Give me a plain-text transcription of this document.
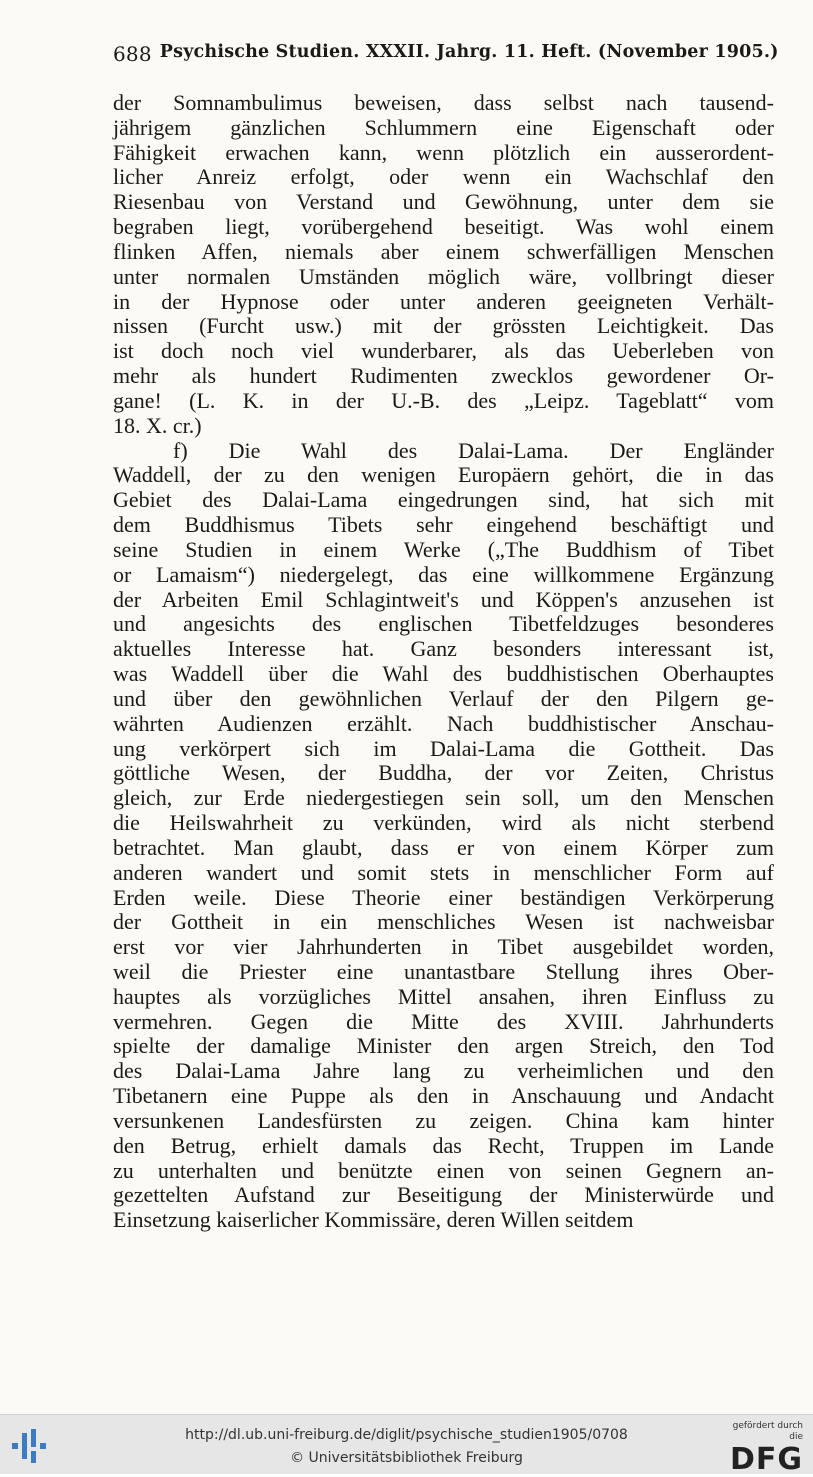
688 Psychische Studien. XXXII. Jahrg. 11. Heft. (November 1905.)
der Somnambulimus beweisen, dass selbst nach tausend-
jährigem gänzlichen Schlummern eine Eigenschaft oder
Fähigkeit erwachen kann, wenn plötzlich ein ausserordent-
licher Anreiz erfolgt, oder wenn ein Wachschlaf den
Riesenbau von Verstand und Gewöhnung, unter dem sie
begraben liegt, vorübergehend beseitigt. Was wohl einem
flinken Affen, niemals aber einem schwerfälligen Menschen
unter normalen Umständen möglich wäre, vollbringt dieser
in der Hypnose oder unter anderen geeigneten Verhält-
nissen (Furcht usw.) mit der grössten Leichtigkeit. Das
ist doch noch viel wunderbarer, als das Ueberleben von
mehr als hundert Rudimenten zwecklos gewordener Or-
gane! (L. K. in der U.-B. des „Leipz. Tageblatt“ vom
18. X. cr.)
f) Die Wahl des Dalai-Lama. Der Engländer
Waddell, der zu den wenigen Europäern gehört, die in das
Gebiet des Dalai-Lama eingedrungen sind, hat sich mit
dem Buddhismus Tibets sehr eingehend beschäftigt und
seine Studien in einem Werke („The Buddhism of Tibet
or Lamaism“) niedergelegt, das eine willkommene Ergänzung
der Arbeiten Emil Schlagintweit's und Köppen's anzusehen ist
und angesichts des englischen Tibetfeldzuges besonderes
aktuelles Interesse hat. Ganz besonders interessant ist,
was Waddell über die Wahl des buddhistischen Oberhauptes
und über den gewöhnlichen Verlauf der den Pilgern ge-
währten Audienzen erzählt. Nach buddhistischer Anschau-
ung verkörpert sich im Dalai-Lama die Gottheit. Das
göttliche Wesen, der Buddha, der vor Zeiten, Christus
gleich, zur Erde niedergestiegen sein soll, um den Menschen
die Heilswahrheit zu verkünden, wird als nicht sterbend
betrachtet. Man glaubt, dass er von einem Körper zum
anderen wandert und somit stets in menschlicher Form auf
Erden weile. Diese Theorie einer beständigen Verkörperung
der Gottheit in ein menschliches Wesen ist nachweisbar
erst vor vier Jahrhunderten in Tibet ausgebildet worden,
weil die Priester eine unantastbare Stellung ihres Ober-
hauptes als vorzügliches Mittel ansahen, ihren Einfluss zu
vermehren. Gegen die Mitte des XVIII. Jahrhunderts
spielte der damalige Minister den argen Streich, den Tod
des Dalai-Lama Jahre lang zu verheimlichen und den
Tibetanern eine Puppe als den in Anschauung und Andacht
versunkenen Landesfürsten zu zeigen. China kam hinter
den Betrug, erhielt damals das Recht, Truppen im Lande
zu unterhalten und benützte einen von seinen Gegnern an-
gezettelten Aufstand zur Beseitigung der Ministerwürde und
Einsetzung kaiserlicher Kommissäre, deren Willen seitdem
http://dl.ub.uni-freiburg.de/diglit/psychische_studien1905/0708
© Universitätsbibliothek Freiburg
gefördert durch die
DFG
